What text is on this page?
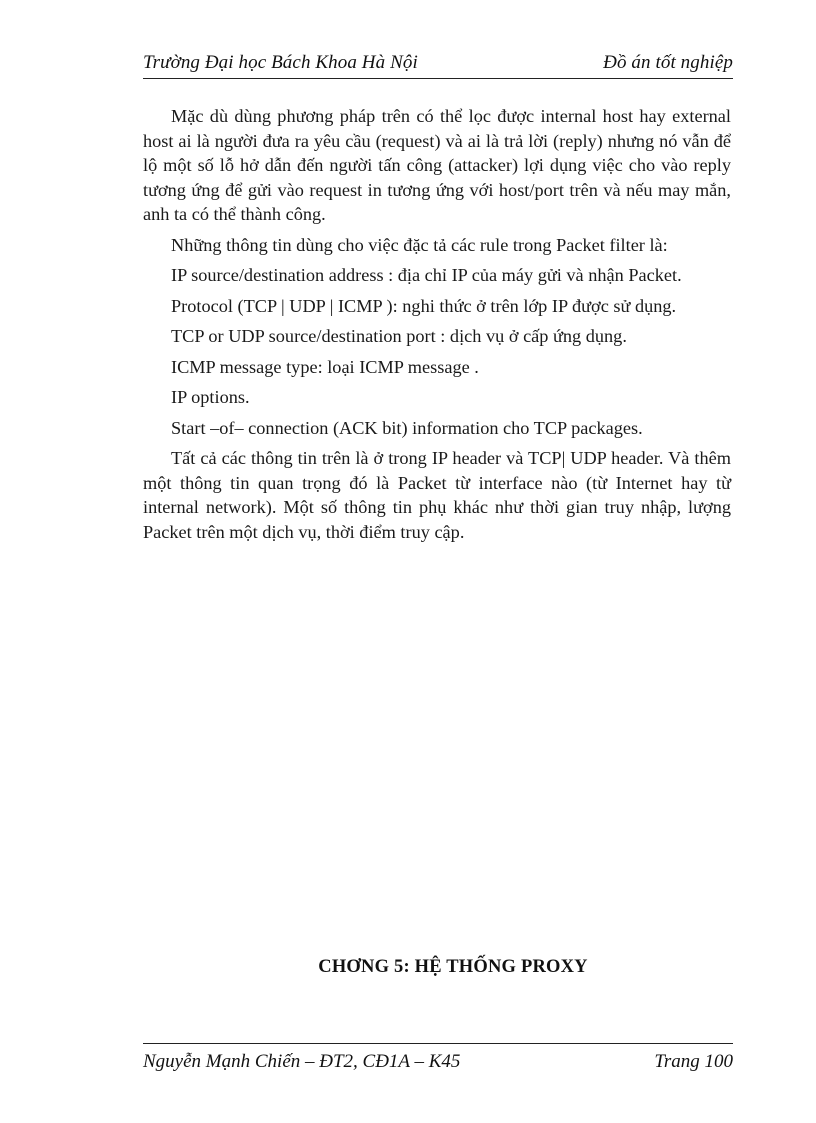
Trường Đại học Bách Khoa Hà Nội	Đồ án tốt nghiệp

Mặc dù dùng phương pháp trên có thể lọc được internal host hay external host ai là người đưa ra yêu cầu (request) và ai là trả lời (reply) nhưng nó vẫn để lộ một số lỗ hở dẫn đến người tấn công (attacker) lợi dụng việc cho vào reply tương ứng để gửi vào request in tương ứng với host/port trên và nếu may mắn, anh ta có thể thành công.

Những thông tin dùng cho việc đặc tả các rule trong Packet filter là:

IP source/destination address : địa chỉ IP của máy gửi và nhận Packet.

Protocol (TCP | UDP | ICMP ): nghi thức ở trên lớp IP được sử dụng.

TCP or UDP source/destination port : dịch vụ ở cấp ứng dụng.

ICMP message type: loại ICMP message .

IP options.

Start –of– connection (ACK bit) information cho TCP packages.

Tất cả các thông tin trên là ở trong IP header và TCP| UDP header. Và thêm một thông tin quan trọng đó là Packet từ interface nào (từ Internet hay từ internal network). Một số thông tin phụ khác như thời gian truy nhập, lượng Packet trên một dịch vụ, thời điểm truy cập.

CHƠNG 5: HỆ THỐNG PROXY
Nguyễn Mạnh Chiến – ĐT2, CĐ1A – K45	Trang 100
